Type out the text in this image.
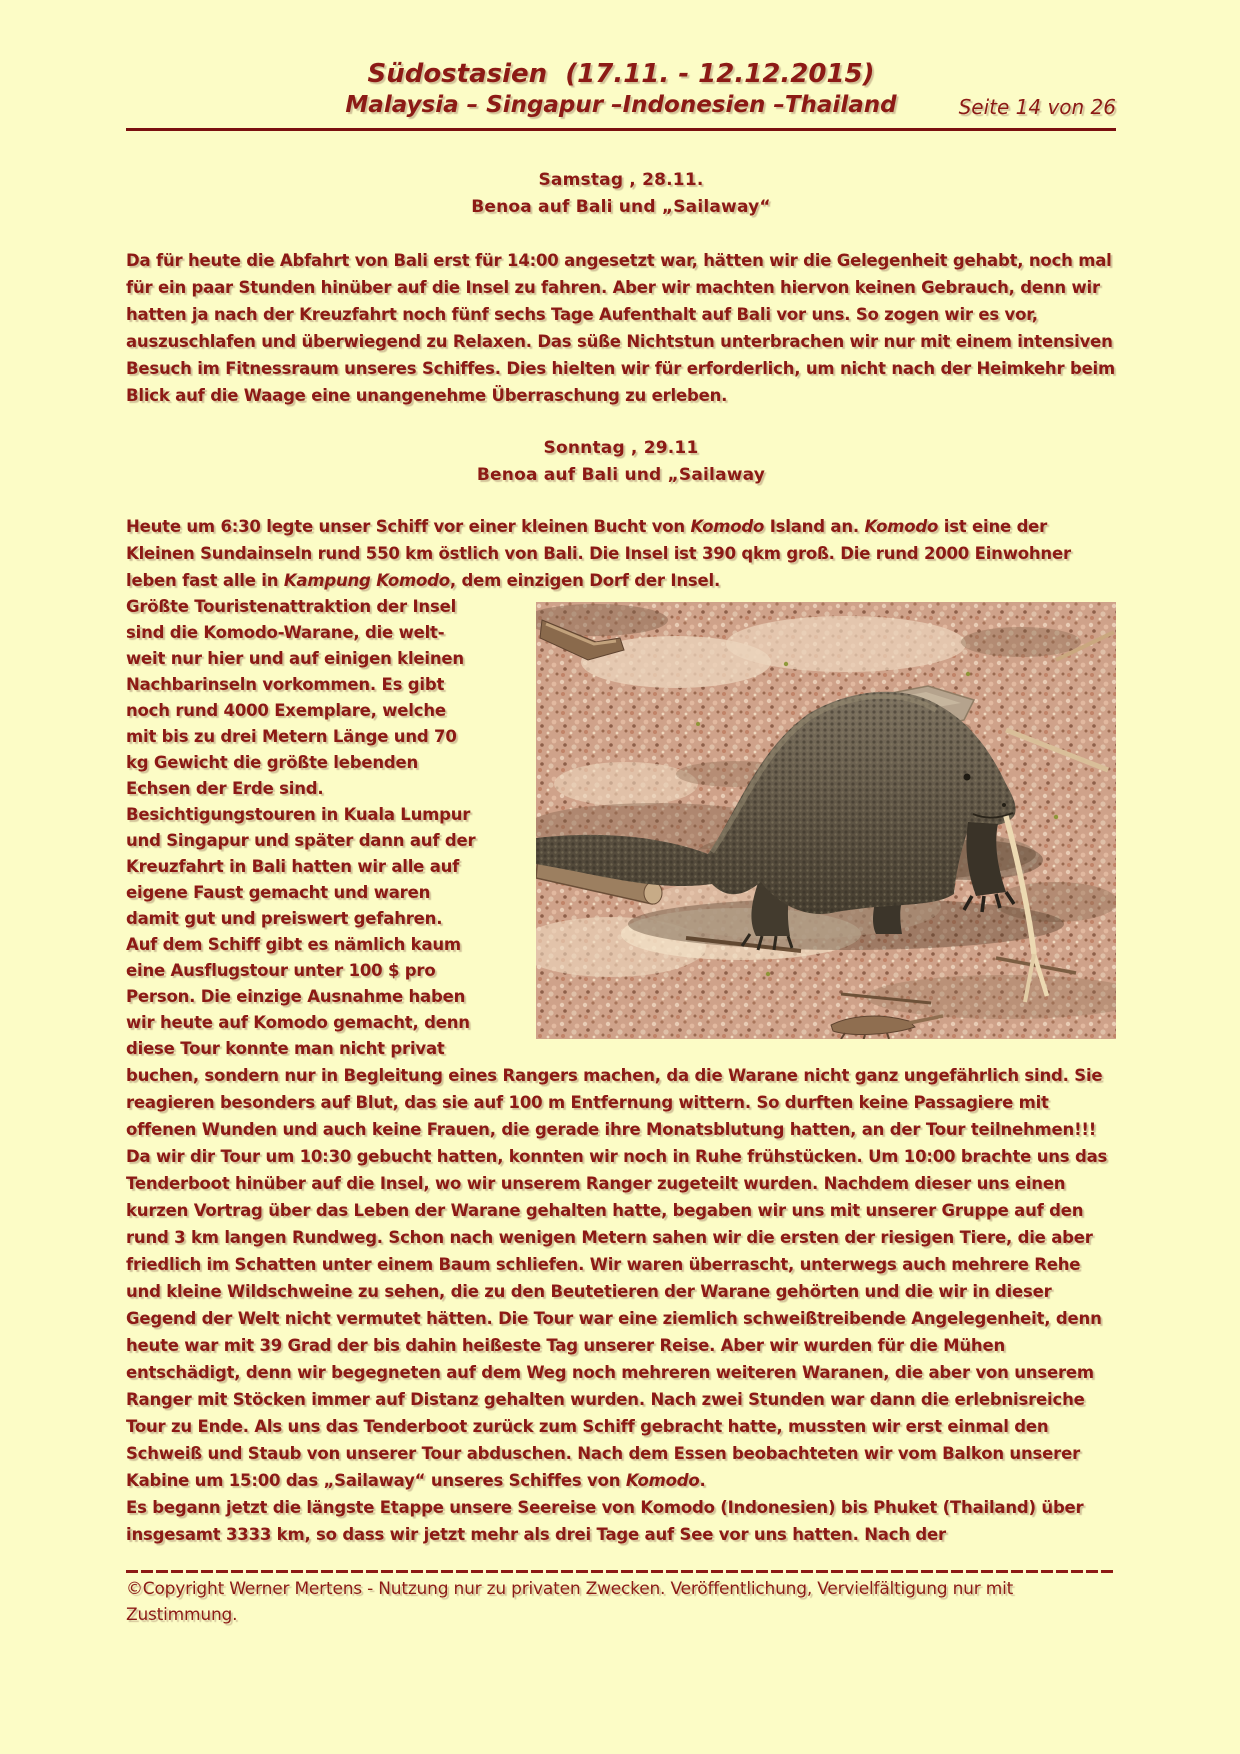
Südostasien  (17.11. - 12.12.2015)
Malaysia – Singapur –Indonesien –Thailand	Seite 14 von 26
Samstag , 28.11.
Benoa auf Bali und „Sailaway“

Da für heute die Abfahrt von Bali erst für 14:00 angesetzt war, hätten wir die Gelegenheit gehabt, noch mal für ein paar Stunden hinüber auf die Insel zu fahren. Aber wir machten hiervon keinen Gebrauch, denn wir hatten ja nach der Kreuzfahrt noch fünf sechs Tage Aufenthalt auf Bali vor uns. So zogen wir es vor, auszuschlafen und überwiegend zu Relaxen. Das süße Nichtstun unterbrachen wir nur mit einem intensiven Besuch im Fitnessraum unseres Schiffes. Dies hielten wir für erforderlich, um nicht nach der Heimkehr beim Blick auf die Waage eine unangenehme Überraschung zu erleben.

Sonntag , 29.11
Benoa auf Bali und „Sailaway

Heute um 6:30 legte unser Schiff vor einer kleinen Bucht von Komodo Island an. Komodo ist eine der Kleinen Sundainseln rund 550 km östlich von Bali. Die Insel ist 390 qkm groß. Die rund 2000 Einwohner leben fast alle in Kampung Komodo, dem einzigen Dorf der Insel.

Größte Touristenattraktion der Insel
sind die Komodo-Warane, die welt-
weit nur hier und auf einigen kleinen
Nachbarinseln vorkommen. Es gibt
noch rund 4000 Exemplare, welche
mit bis zu drei Metern Länge und 70
kg Gewicht die größte lebenden
Echsen der Erde sind.
Besichtigungstouren in Kuala Lumpur
und Singapur und später dann auf der
Kreuzfahrt in Bali hatten wir alle auf
eigene Faust gemacht und waren
damit gut und preiswert gefahren.
Auf dem Schiff gibt es nämlich kaum
eine Ausflugstour unter 100 $ pro
Person. Die einzige Ausnahme haben
wir heute auf Komodo gemacht, denn
diese Tour konnte man nicht privat

buchen, sondern nur in Begleitung eines Rangers machen, da die Warane nicht ganz ungefährlich sind. Sie reagieren besonders auf Blut, das sie auf 100 m Entfernung wittern. So durften keine Passagiere mit offenen Wunden und auch keine Frauen, die gerade ihre Monatsblutung hatten, an der Tour teilnehmen!!!

Da wir dir Tour um 10:30 gebucht hatten, konnten wir noch in Ruhe frühstücken. Um 10:00 brachte uns das Tenderboot hinüber auf die Insel, wo wir unserem Ranger zugeteilt wurden. Nachdem dieser uns einen kurzen Vortrag über das Leben der Warane gehalten hatte, begaben wir uns mit unserer Gruppe auf den rund 3 km langen Rundweg. Schon nach wenigen Metern sahen wir die ersten der riesigen Tiere, die aber friedlich im Schatten unter einem Baum schliefen. Wir waren überrascht, unterwegs auch mehrere Rehe und kleine Wildschweine zu sehen, die zu den Beutetieren der Warane gehörten und die wir in dieser Gegend der Welt nicht vermutet hätten. Die Tour war eine ziemlich schweißtreibende Angelegenheit, denn heute war mit 39 Grad der bis dahin heißeste Tag unserer Reise. Aber wir wurden für die Mühen entschädigt, denn wir begegneten auf dem Weg noch mehreren weiteren Waranen, die aber von unserem Ranger mit Stöcken immer auf Distanz gehalten wurden. Nach zwei Stunden war dann die erlebnisreiche Tour zu Ende. Als uns das Tenderboot zurück zum Schiff gebracht hatte, mussten wir erst einmal den Schweiß und Staub von unserer Tour abduschen. Nach dem Essen beobachteten wir vom Balkon unserer Kabine um 15:00 das „Sailaway“ unseres Schiffes von Komodo.

Es begann jetzt die längste Etappe unsere Seereise von Komodo (Indonesien) bis Phuket (Thailand) über insgesamt 3333 km, so dass wir jetzt mehr als drei Tage auf See vor uns hatten. Nach der

©Copyright Werner Mertens - Nutzung nur zu privaten Zwecken. Veröffentlichung, Vervielfältigung nur mit Zustimmung.
